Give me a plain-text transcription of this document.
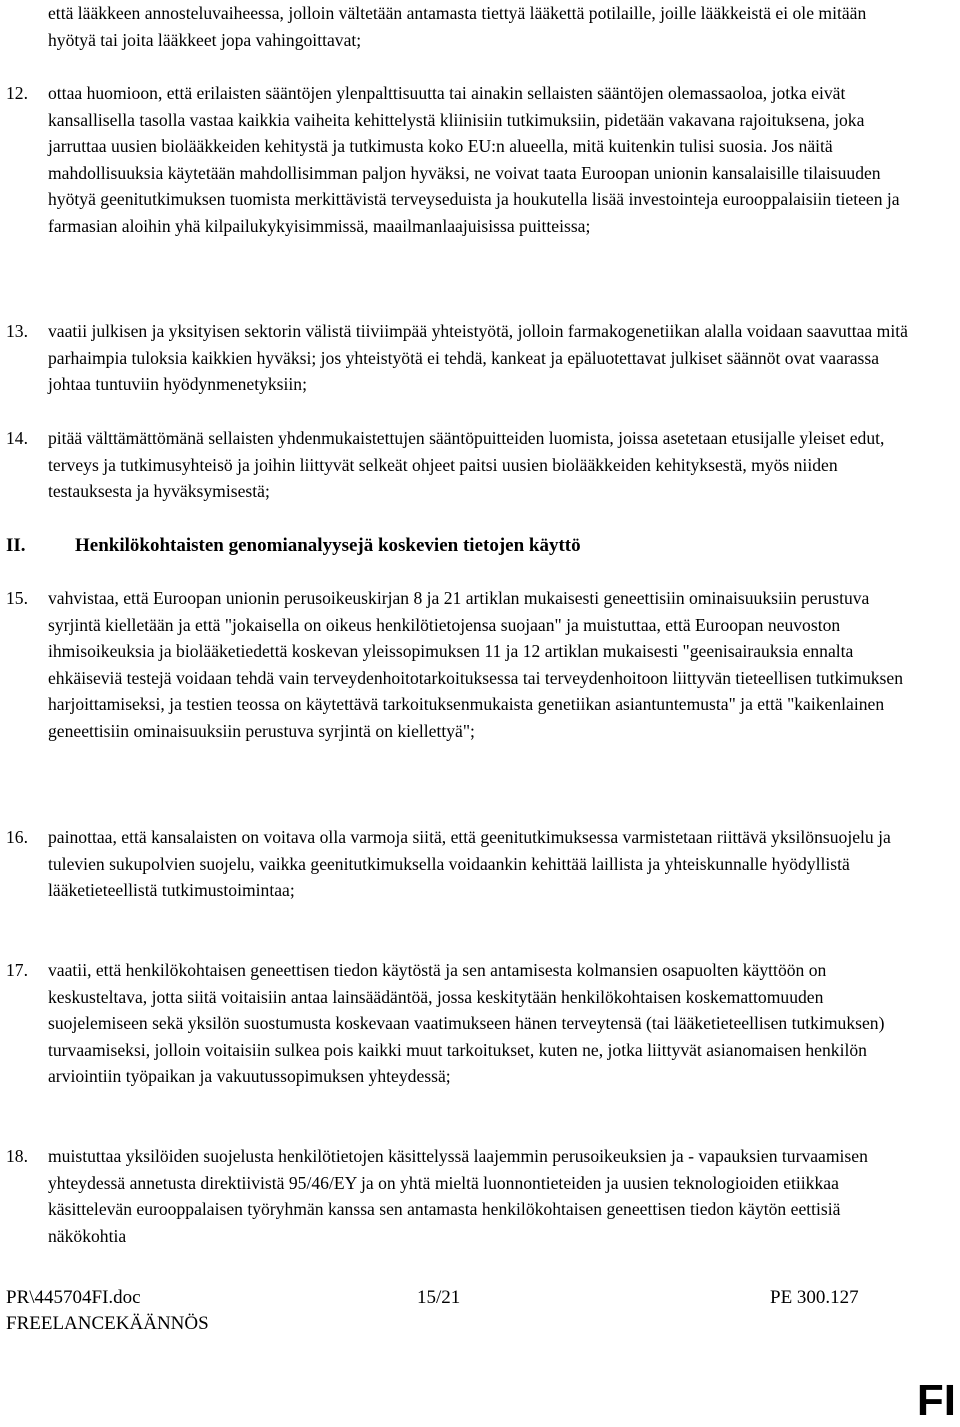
että lääkkeen annosteluvaiheessa, jolloin vältetään antamasta tiettyä lääkettä potilaille, joille lääkkeistä ei ole mitään hyötyä tai joita lääkkeet jopa vahingoittavat;

12. ottaa huomioon, että erilaisten sääntöjen ylenpalttisuutta tai ainakin sellaisten sääntöjen olemassaoloa, jotka eivät kansallisella tasolla vastaa kaikkia vaiheita kehittelystä kliinisiin tutkimuksiin, pidetään vakavana rajoituksena, joka jarruttaa uusien biolääkkeiden kehitystä ja tutkimusta koko EU:n alueella, mitä kuitenkin tulisi suosia. Jos näitä mahdollisuuksia käytetään mahdollisimman paljon hyväksi, ne voivat taata Euroopan unionin kansalaisille tilaisuuden hyötyä geenitutkimuksen tuomista merkittävistä terveyseduista ja houkutella lisää investointeja eurooppalaisiin tieteen ja farmasian aloihin yhä kilpailukykyisimmissä, maailmanlaajuisissa puitteissa;

13. vaatii julkisen ja yksityisen sektorin välistä tiiviimpää yhteistyötä, jolloin farmakogenetiikan alalla voidaan saavuttaa mitä parhaimpia tuloksia kaikkien hyväksi; jos yhteistyötä ei tehdä, kankeat ja epäluotettavat julkiset säännöt ovat vaarassa johtaa tuntuviin hyödynmenetyksiin;

14. pitää välttämättömänä sellaisten yhdenmukaistettujen sääntöpuitteiden luomista, joissa asetetaan etusijalle yleiset edut, terveys ja tutkimusyhteisö ja joihin liittyvät selkeät ohjeet paitsi uusien biolääkkeiden kehityksestä, myös niiden testauksesta ja hyväksymisestä;

II.	Henkilökohtaisten genomianalyysejä koskevien tietojen käyttö
15. vahvistaa, että Euroopan unionin perusoikeuskirjan 8 ja 21 artiklan mukaisesti geneettisiin ominaisuuksiin perustuva syrjintä kielletään ja että "jokaisella on oikeus henkilötietojensa suojaan" ja muistuttaa, että Euroopan neuvoston ihmisoikeuksia ja biolääketiedettä koskevan yleissopimuksen 11 ja 12 artiklan mukaisesti "geenisairauksia ennalta ehkäiseviä testejä voidaan tehdä vain terveydenhoitotarkoituksessa tai terveydenhoitoon liittyvän tieteellisen tutkimuksen harjoittamiseksi, ja testien teossa on käytettävä tarkoituksenmukaista genetiikan asiantuntemusta" ja että "kaikenlainen geneettisiin ominaisuuksiin perustuva syrjintä on kiellettyä";

16. painottaa, että kansalaisten on voitava olla varmoja siitä, että geenitutkimuksessa varmistetaan riittävä yksilönsuojelu ja tulevien sukupolvien suojelu, vaikka geenitutkimuksella voidaankin kehittää laillista ja yhteiskunnalle hyödyllistä lääketieteellistä tutkimustoimintaa;

17. vaatii, että henkilökohtaisen geneettisen tiedon käytöstä ja sen antamisesta kolmansien osapuolten käyttöön on keskusteltava, jotta siitä voitaisiin antaa lainsäädäntöä, jossa keskitytään henkilökohtaisen koskemattomuuden suojelemiseen sekä yksilön suostumusta koskevaan vaatimukseen hänen terveytensä (tai lääketieteellisen tutkimuksen) turvaamiseksi, jolloin voitaisiin sulkea pois kaikki muut tarkoitukset, kuten ne, jotka liittyvät asianomaisen henkilön arviointiin työpaikan ja vakuutussopimuksen yhteydessä;

18. muistuttaa yksilöiden suojelusta henkilötietojen käsittelyssä laajemmin perusoikeuksien ja - vapauksien turvaamisen yhteydessä annetusta direktiivistä 95/46/EY ja on yhtä mieltä luonnontieteiden ja uusien teknologioiden etiikkaa käsittelevän eurooppalaisen työryhmän kanssa sen antamasta henkilökohtaisen geneettisen tiedon käytön eettisiä näkökohtia

PR\445704FI.doc	15/21	PE 300.127
FREELANCEKÄÄNNÖS
FI
